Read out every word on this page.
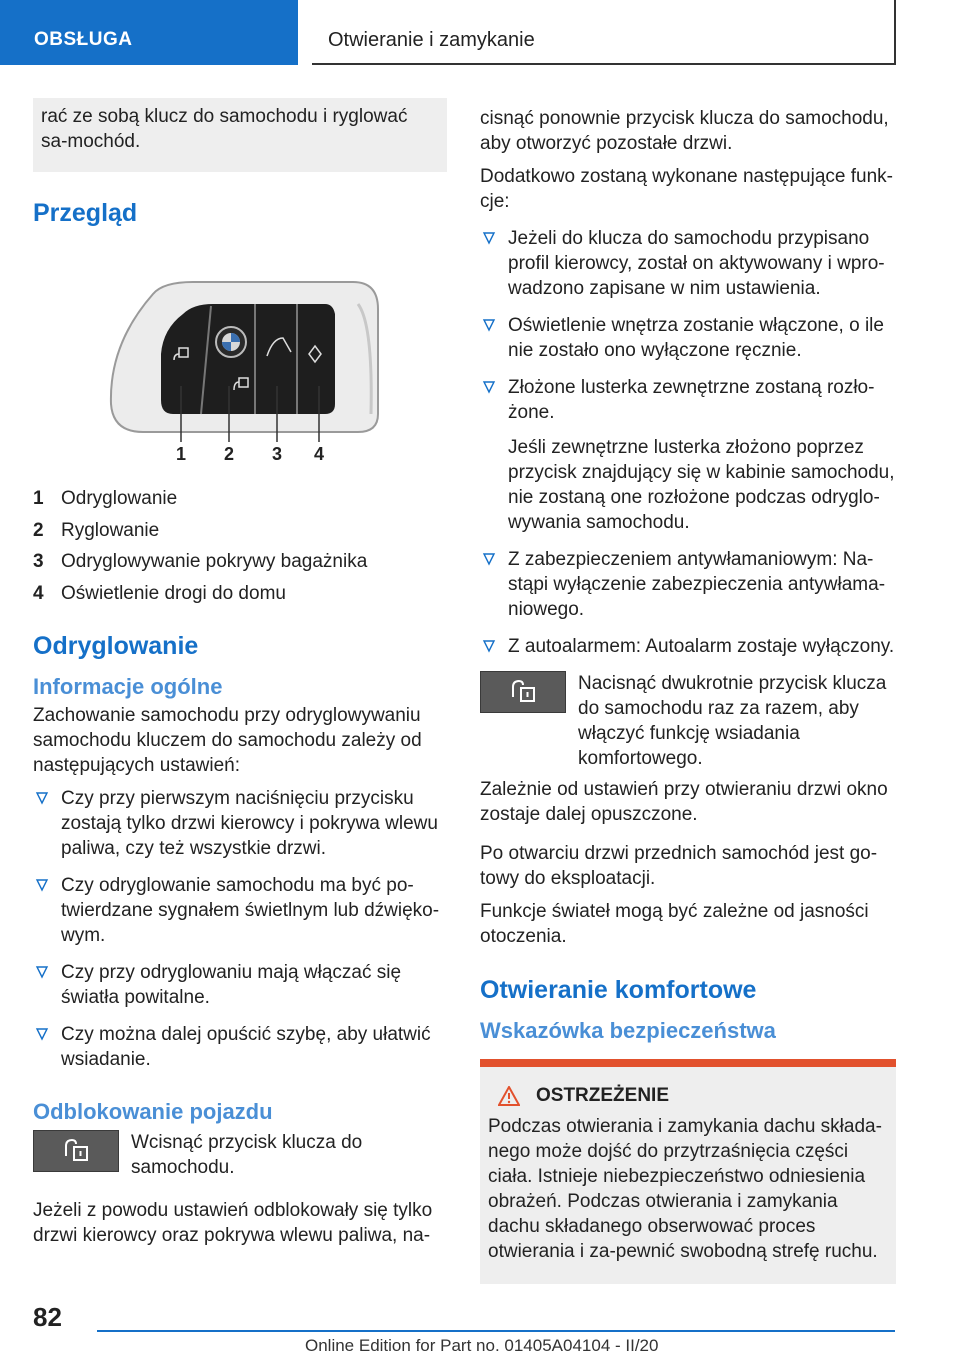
OBSŁUGA	Otwieranie i zamykanie
rać ze sobą klucz do samochodu i ryglować sa-mochód.
Przegląd
1 2 3 4
1 Odryglowanie
2 Ryglowanie
3 Odryglowywanie pokrywy bagażnika
4 Oświetlenie drogi do domu
Odryglowanie
Informacje ogólne
Zachowanie samochodu przy odryglowywaniu samochodu kluczem do samochodu zależy od następujących ustawień:
Czy przy pierwszym naciśnięciu przycisku zostają tylko drzwi kierowcy i pokrywa wlewu paliwa, czy też wszystkie drzwi.
Czy odryglowanie samochodu ma być po-twierdzane sygnałem świetlnym lub dźwięko-wym.
Czy przy odryglowaniu mają włączać się światła powitalne.
Czy można dalej opuścić szybę, aby ułatwić wsiadanie.
Odblokowanie pojazdu
Wcisnąć przycisk klucza do samochodu.
Jeżeli z powodu ustawień odblokowały się tylko drzwi kierowcy oraz pokrywa wlewu paliwa, na-
cisnąć ponownie przycisk klucza do samochodu, aby otworzyć pozostałe drzwi.
Dodatkowo zostaną wykonane następujące funk-cje:
Jeżeli do klucza do samochodu przypisano profil kierowcy, został on aktywowany i wpro-wadzono zapisane w nim ustawienia.
Oświetlenie wnętrza zostanie włączone, o ile nie zostało ono wyłączone ręcznie.
Złożone lusterka zewnętrzne zostaną rozło-żone.
Jeśli zewnętrzne lusterka złożono poprzez przycisk znajdujący się w kabinie samochodu, nie zostaną one rozłożone podczas odryglo-wywania samochodu.
Z zabezpieczeniem antywłamaniowym: Na-stąpi wyłączenie zabezpieczenia antywłama-niowego.
Z autoalarmem: Autoalarm zostaje wyłączony.
Nacisnąć dwukrotnie przycisk klucza do samochodu raz za razem, aby włączyć funkcję wsiadania komfortowego.
Zależnie od ustawień przy otwieraniu drzwi okno zostaje dalej opuszczone.
Po otwarciu drzwi przednich samochód jest go-towy do eksploatacji.
Funkcje świateł mogą być zależne od jasności otoczenia.
Otwieranie komfortowe
Wskazówka bezpieczeństwa
OSTRZEŻENIE
Podczas otwierania i zamykania dachu składa-nego może dojść do przytrzaśnięcia części ciała. Istnieje niebezpieczeństwo odniesienia obrażeń. Podczas otwierania i zamykania dachu składanego obserwować proces otwierania i za-pewnić swobodną strefę ruchu.
82
Online Edition for Part no. 01405A04104 - II/20
